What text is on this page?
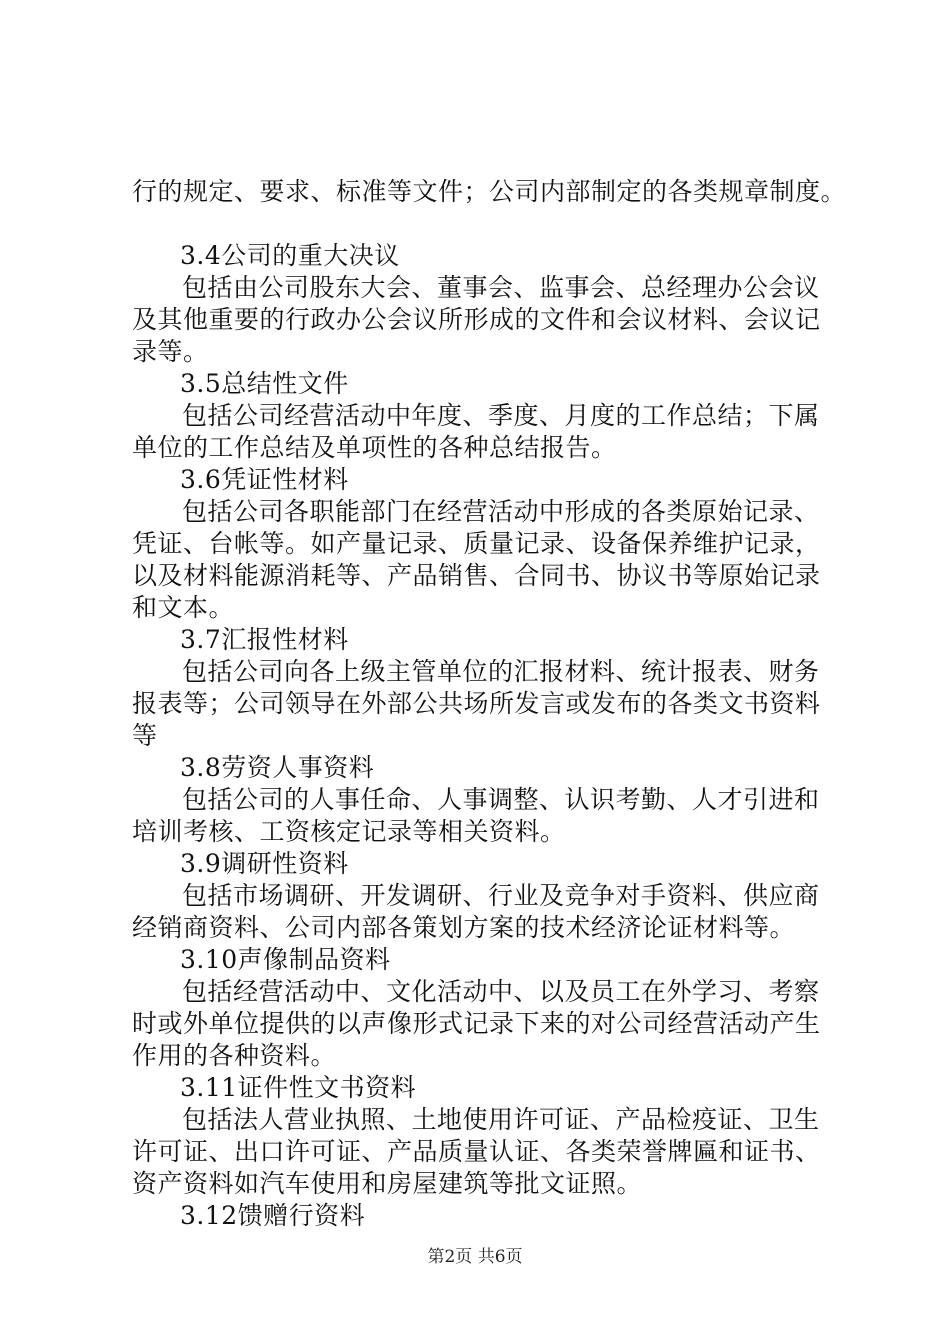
行的规定、要求、标准等文件；公司内部制定的各类规章制度。
3.4公司的重大决议
包括由公司股东大会、董事会、监事会、总经理办公会议
及其他重要的行政办公会议所形成的文件和会议材料、会议记
录等。
3.5总结性文件
包括公司经营活动中年度、季度、月度的工作总结；下属
单位的工作总结及单项性的各种总结报告。
3.6凭证性材料
包括公司各职能部门在经营活动中形成的各类原始记录、
凭证、台帐等。如产量记录、质量记录、设备保养维护记录，
以及材料能源消耗等、产品销售、合同书、协议书等原始记录
和文本。
3.7汇报性材料
包括公司向各上级主管单位的汇报材料、统计报表、财务
报表等；公司领导在外部公共场所发言或发布的各类文书资料
等
3.8劳资人事资料
包括公司的人事任命、人事调整、认识考勤、人才引进和
培训考核、工资核定记录等相关资料。
3.9调研性资料
包括市场调研、开发调研、行业及竞争对手资料、供应商
经销商资料、公司内部各策划方案的技术经济论证材料等。
3.10声像制品资料
包括经营活动中、文化活动中、以及员工在外学习、考察
时或外单位提供的以声像形式记录下来的对公司经营活动产生
作用的各种资料。
3.11证件性文书资料
包括法人营业执照、土地使用许可证、产品检疫证、卫生
许可证、出口许可证、产品质量认证、各类荣誉牌匾和证书、
资产资料如汽车使用和房屋建筑等批文证照。
3.12馈赠行资料
第2页 共6页
